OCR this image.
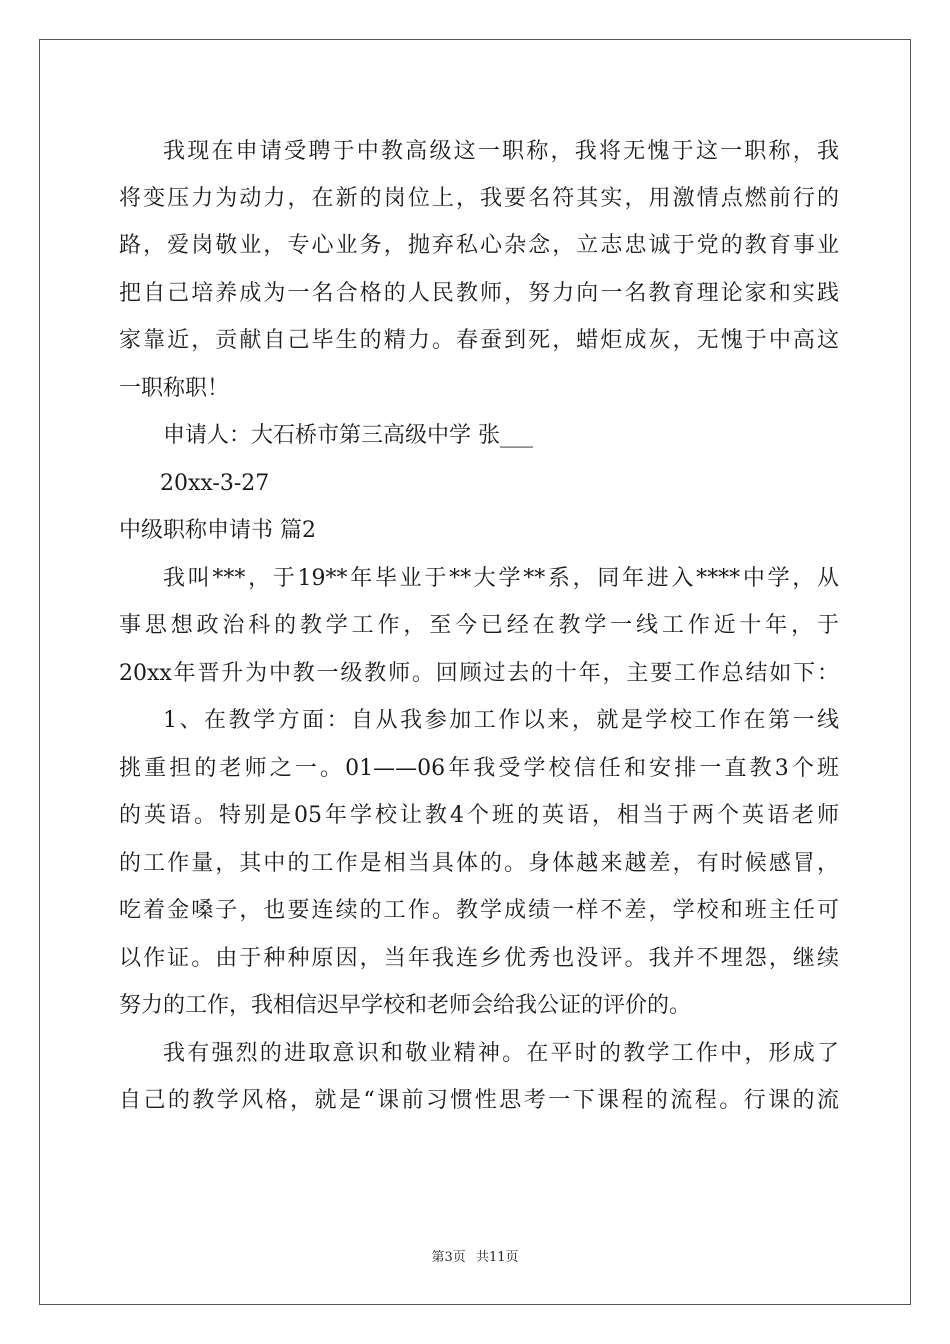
我现在申请受聘于中教高级这一职称，我将无愧于这一职称，我
将变压力为动力，在新的岗位上，我要名符其实，用激情点燃前行的
路，爱岗敬业，专心业务，抛弃私心杂念，立志忠诚于党的教育事业
把自己培养成为一名合格的人民教师，努力向一名教育理论家和实践
家靠近，贡献自己毕生的精力。春蚕到死，蜡炬成灰，无愧于中高这
一职称职！
申请人：大石桥市第三高级中学 张___
20xx-3-27
中级职称申请书 篇2
我叫***，于19**年毕业于**大学**系，同年进入****中学，从
事思想政治科的教学工作，至今已经在教学一线工作近十年，于
20xx年晋升为中教一级教师。回顾过去的十年，主要工作总结如下：
1、在教学方面：自从我参加工作以来，就是学校工作在第一线
挑重担的老师之一。01——06年我受学校信任和安排一直教3个班
的英语。特别是05年学校让教4个班的英语，相当于两个英语老师
的工作量，其中的工作是相当具体的。身体越来越差，有时候感冒，
吃着金嗓子，也要连续的工作。教学成绩一样不差，学校和班主任可
以作证。由于种种原因，当年我连乡优秀也没评。我并不埋怨，继续
努力的工作，我相信迟早学校和老师会给我公证的评价的。
我有强烈的进取意识和敬业精神。在平时的教学工作中，形成了
自己的教学风格，就是“课前习惯性思考一下课程的流程。行课的流
第3页 共11页
